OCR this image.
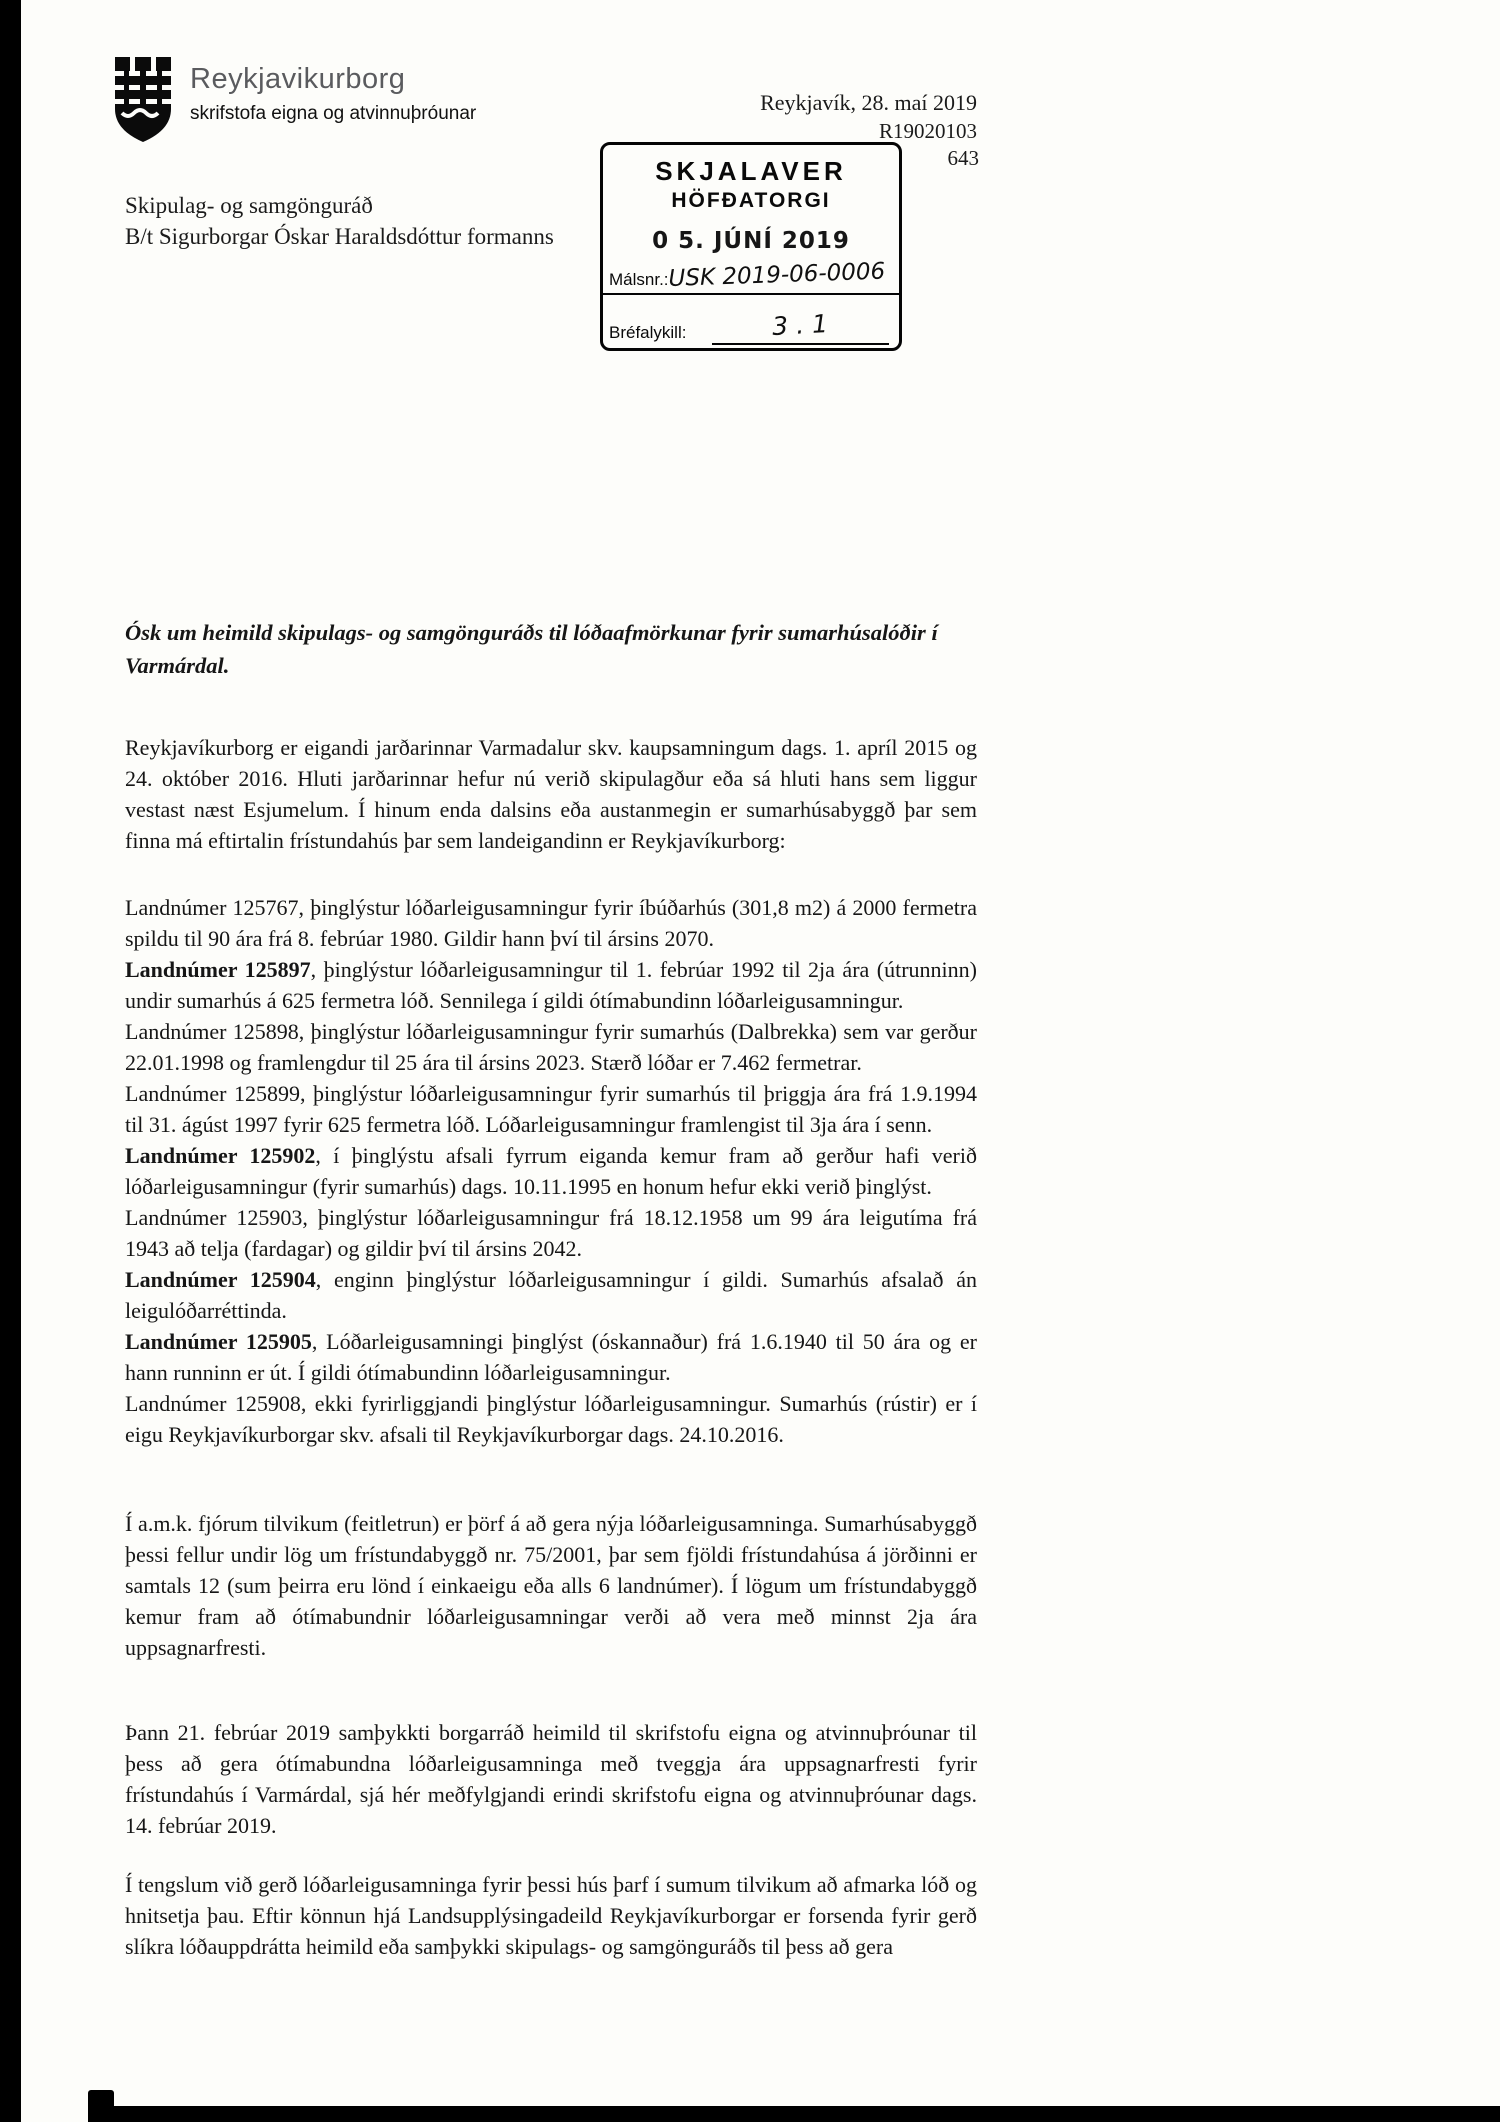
Reykjavikurborg
skrifstofa eigna og atvinnuþróunar	Reykjavík, 28. maí 2019
R19020103
643
Skipulag- og samgönguráð
B/t Sigurborgar Óskar Haraldsdóttur formanns
SKJALAVER
HÖFÐATORGI
0 5. JÚNÍ 2019
Málsnr.: USK 2019-06-0006
Bréfalykill:	3 . 1
Ósk um heimild skipulags- og samgönguráðs til lóðaafmörkunar fyrir sumarhúsalóðir í Varmárdal.

Reykjavíkurborg er eigandi jarðarinnar Varmadalur skv. kaupsamningum dags. 1. apríl 2015 og 24. október 2016. Hluti jarðarinnar hefur nú verið skipulagður eða sá hluti hans sem liggur vestast næst Esjumelum. Í hinum enda dalsins eða austanmegin er sumarhúsabyggð þar sem finna má eftirtalin frístundahús þar sem landeigandinn er Reykjavíkurborg:

Landnúmer 125767, þinglýstur lóðarleigusamningur fyrir íbúðarhús (301,8 m2) á 2000 fermetra spildu til 90 ára frá 8. febrúar 1980. Gildir hann því til ársins 2070.

Landnúmer 125897, þinglýstur lóðarleigusamningur til 1. febrúar 1992 til 2ja ára (útrunninn) undir sumarhús á 625 fermetra lóð. Sennilega í gildi ótímabundinn lóðarleigusamningur.

Landnúmer 125898, þinglýstur lóðarleigusamningur fyrir sumarhús (Dalbrekka) sem var gerður 22.01.1998 og framlengdur til 25 ára til ársins 2023. Stærð lóðar er 7.462 fermetrar.

Landnúmer 125899, þinglýstur lóðarleigusamningur fyrir sumarhús til þriggja ára frá 1.9.1994 til 31. ágúst 1997 fyrir 625 fermetra lóð. Lóðarleigusamningur framlengist til 3ja ára í senn.

Landnúmer 125902, í þinglýstu afsali fyrrum eiganda kemur fram að gerður hafi verið lóðarleigusamningur (fyrir sumarhús) dags. 10.11.1995 en honum hefur ekki verið þinglýst.

Landnúmer 125903, þinglýstur lóðarleigusamningur frá 18.12.1958 um 99 ára leigutíma frá 1943 að telja (fardagar) og gildir því til ársins 2042.

Landnúmer 125904, enginn þinglýstur lóðarleigusamningur í gildi. Sumarhús afsalað án leigulóðarréttinda.

Landnúmer 125905, Lóðarleigusamningi þinglýst (óskannaður) frá 1.6.1940 til 50 ára og er hann runninn er út. Í gildi ótímabundinn lóðarleigusamningur.

Landnúmer 125908, ekki fyrirliggjandi þinglýstur lóðarleigusamningur. Sumarhús (rústir) er í eigu Reykjavíkurborgar skv. afsali til Reykjavíkurborgar dags. 24.10.2016.

Í a.m.k. fjórum tilvikum (feitletrun) er þörf á að gera nýja lóðarleigusamninga. Sumarhúsabyggð þessi fellur undir lög um frístundabyggð nr. 75/2001, þar sem fjöldi frístundahúsa á jörðinni er samtals 12 (sum þeirra eru lönd í einkaeigu eða alls 6 landnúmer). Í lögum um frístundabyggð kemur fram að ótímabundnir lóðarleigusamningar verði að vera með minnst 2ja ára uppsagnarfresti.

Þann 21. febrúar 2019 samþykkti borgarráð heimild til skrifstofu eigna og atvinnuþróunar til þess að gera ótímabundna lóðarleigusamninga með tveggja ára uppsagnarfresti fyrir frístundahús í Varmárdal, sjá hér meðfylgjandi erindi skrifstofu eigna og atvinnuþróunar dags. 14. febrúar 2019.

Í tengslum við gerð lóðarleigusamninga fyrir þessi hús þarf í sumum tilvikum að afmarka lóð og hnitsetja þau. Eftir könnun hjá Landsupplýsingadeild Reykjavíkurborgar er forsenda fyrir gerð slíkra lóðauppdrátta heimild eða samþykki skipulags- og samgönguráðs til þess að gera
